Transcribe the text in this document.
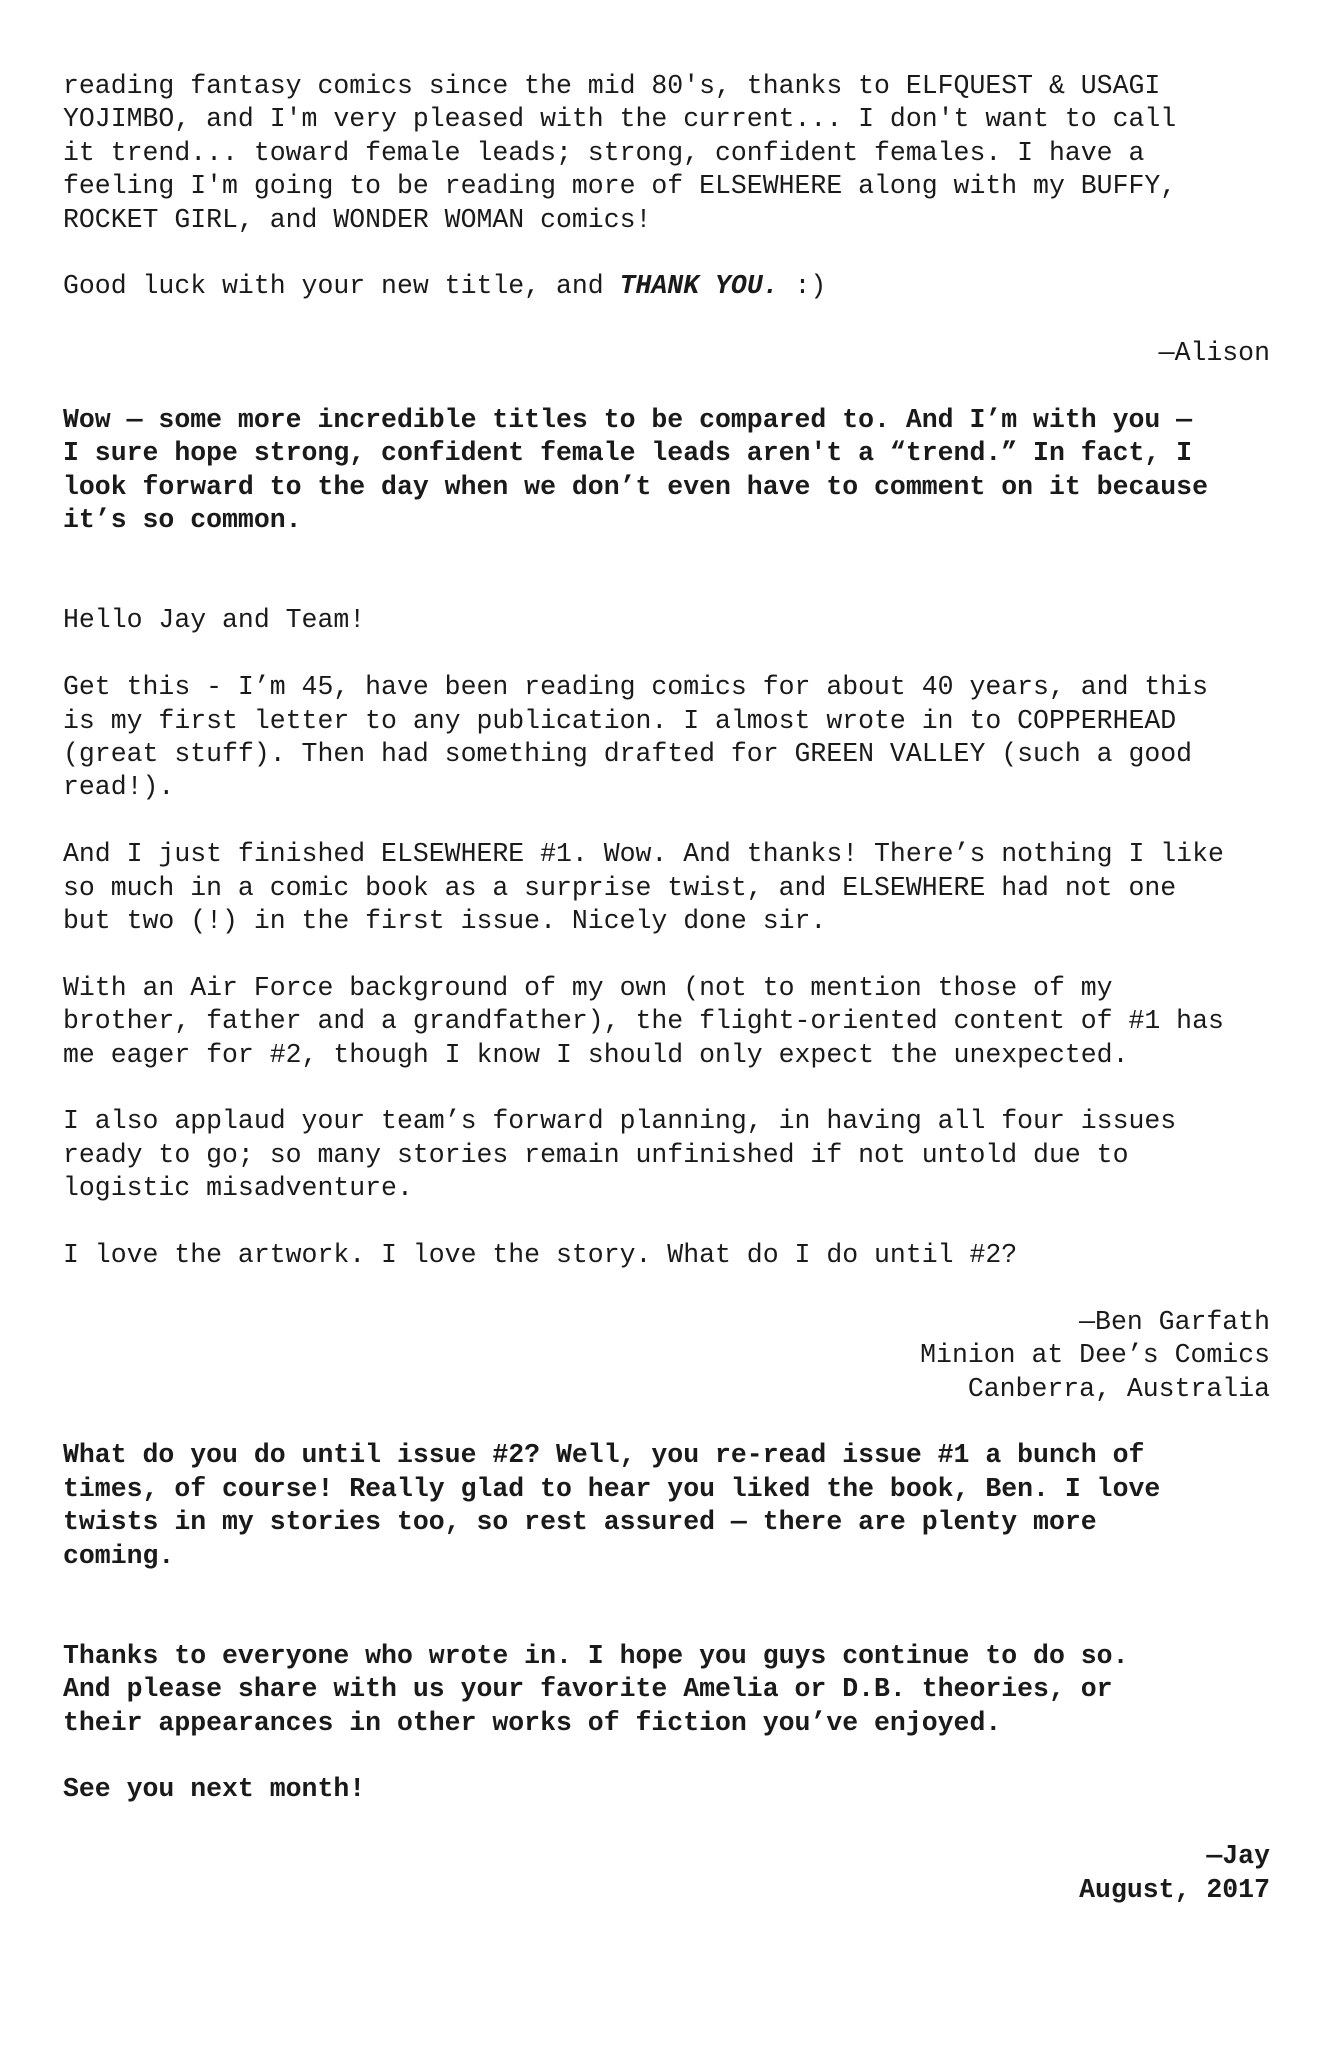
reading fantasy comics since the mid 80's, thanks to ELFQUEST & USAGI
YOJIMBO, and I'm very pleased with the current... I don't want to call
it trend... toward female leads; strong, confident females. I have a
feeling I'm going to be reading more of ELSEWHERE along with my BUFFY,
ROCKET GIRL, and WONDER WOMAN comics!
Good luck with your new title, and THANK YOU. :)
—Alison
Wow — some more incredible titles to be compared to. And I’m with you —
I sure hope strong, confident female leads aren't a “trend.” In fact, I
look forward to the day when we don’t even have to comment on it because
it’s so common.
Hello Jay and Team!
Get this - I’m 45, have been reading comics for about 40 years, and this
is my first letter to any publication. I almost wrote in to COPPERHEAD
(great stuff). Then had something drafted for GREEN VALLEY (such a good
read!).
And I just finished ELSEWHERE #1. Wow. And thanks! There’s nothing I like
so much in a comic book as a surprise twist, and ELSEWHERE had not one
but two (!) in the first issue. Nicely done sir.
With an Air Force background of my own (not to mention those of my
brother, father and a grandfather), the flight-oriented content of #1 has
me eager for #2, though I know I should only expect the unexpected.
I also applaud your team’s forward planning, in having all four issues
ready to go; so many stories remain unfinished if not untold due to
logistic misadventure.
I love the artwork. I love the story. What do I do until #2?
—Ben Garfath
Minion at Dee’s Comics
Canberra, Australia
What do you do until issue #2? Well, you re-read issue #1 a bunch of
times, of course! Really glad to hear you liked the book, Ben. I love
twists in my stories too, so rest assured — there are plenty more
coming.
Thanks to everyone who wrote in. I hope you guys continue to do so.
And please share with us your favorite Amelia or D.B. theories, or
their appearances in other works of fiction you’ve enjoyed.
See you next month!
—Jay
August, 2017
